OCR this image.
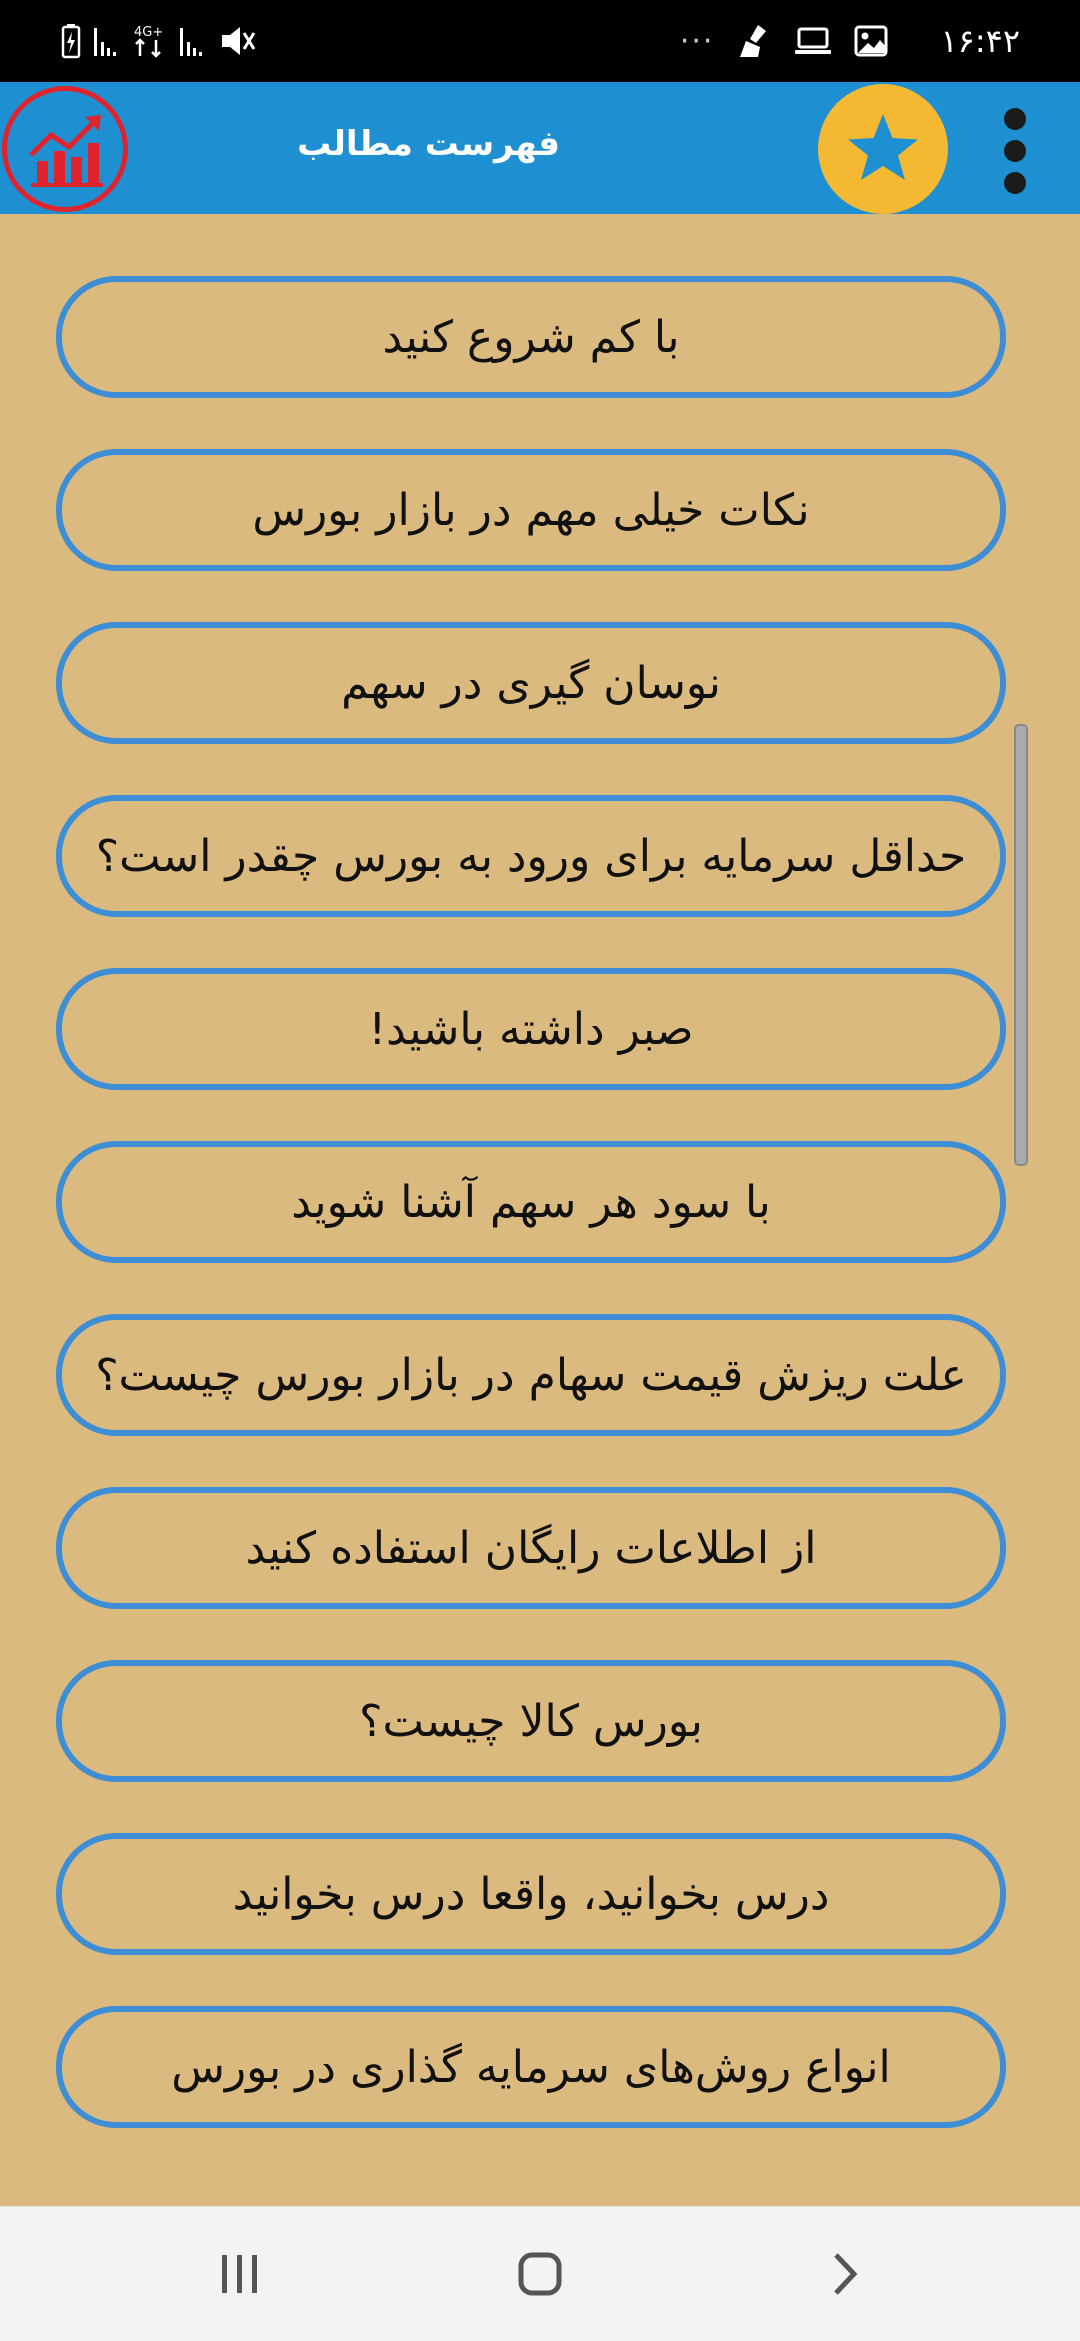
4G+	···	۱۶:۴۲
فهرست مطالب
با کم شروع کنید
نکات خیلی مهم در بازار بورس
نوسان گیری در سهم
حداقل سرمایه برای ورود به بورس چقدر است؟
صبر داشته باشید!
با سود هر سهم آشنا شوید
علت ریزش قیمت سهام در بازار بورس چیست؟
از اطلاعات رایگان استفاده کنید
بورس کالا چیست؟
درس بخوانید، واقعا درس بخوانید
انواع روش‌های سرمایه گذاری در بورس
